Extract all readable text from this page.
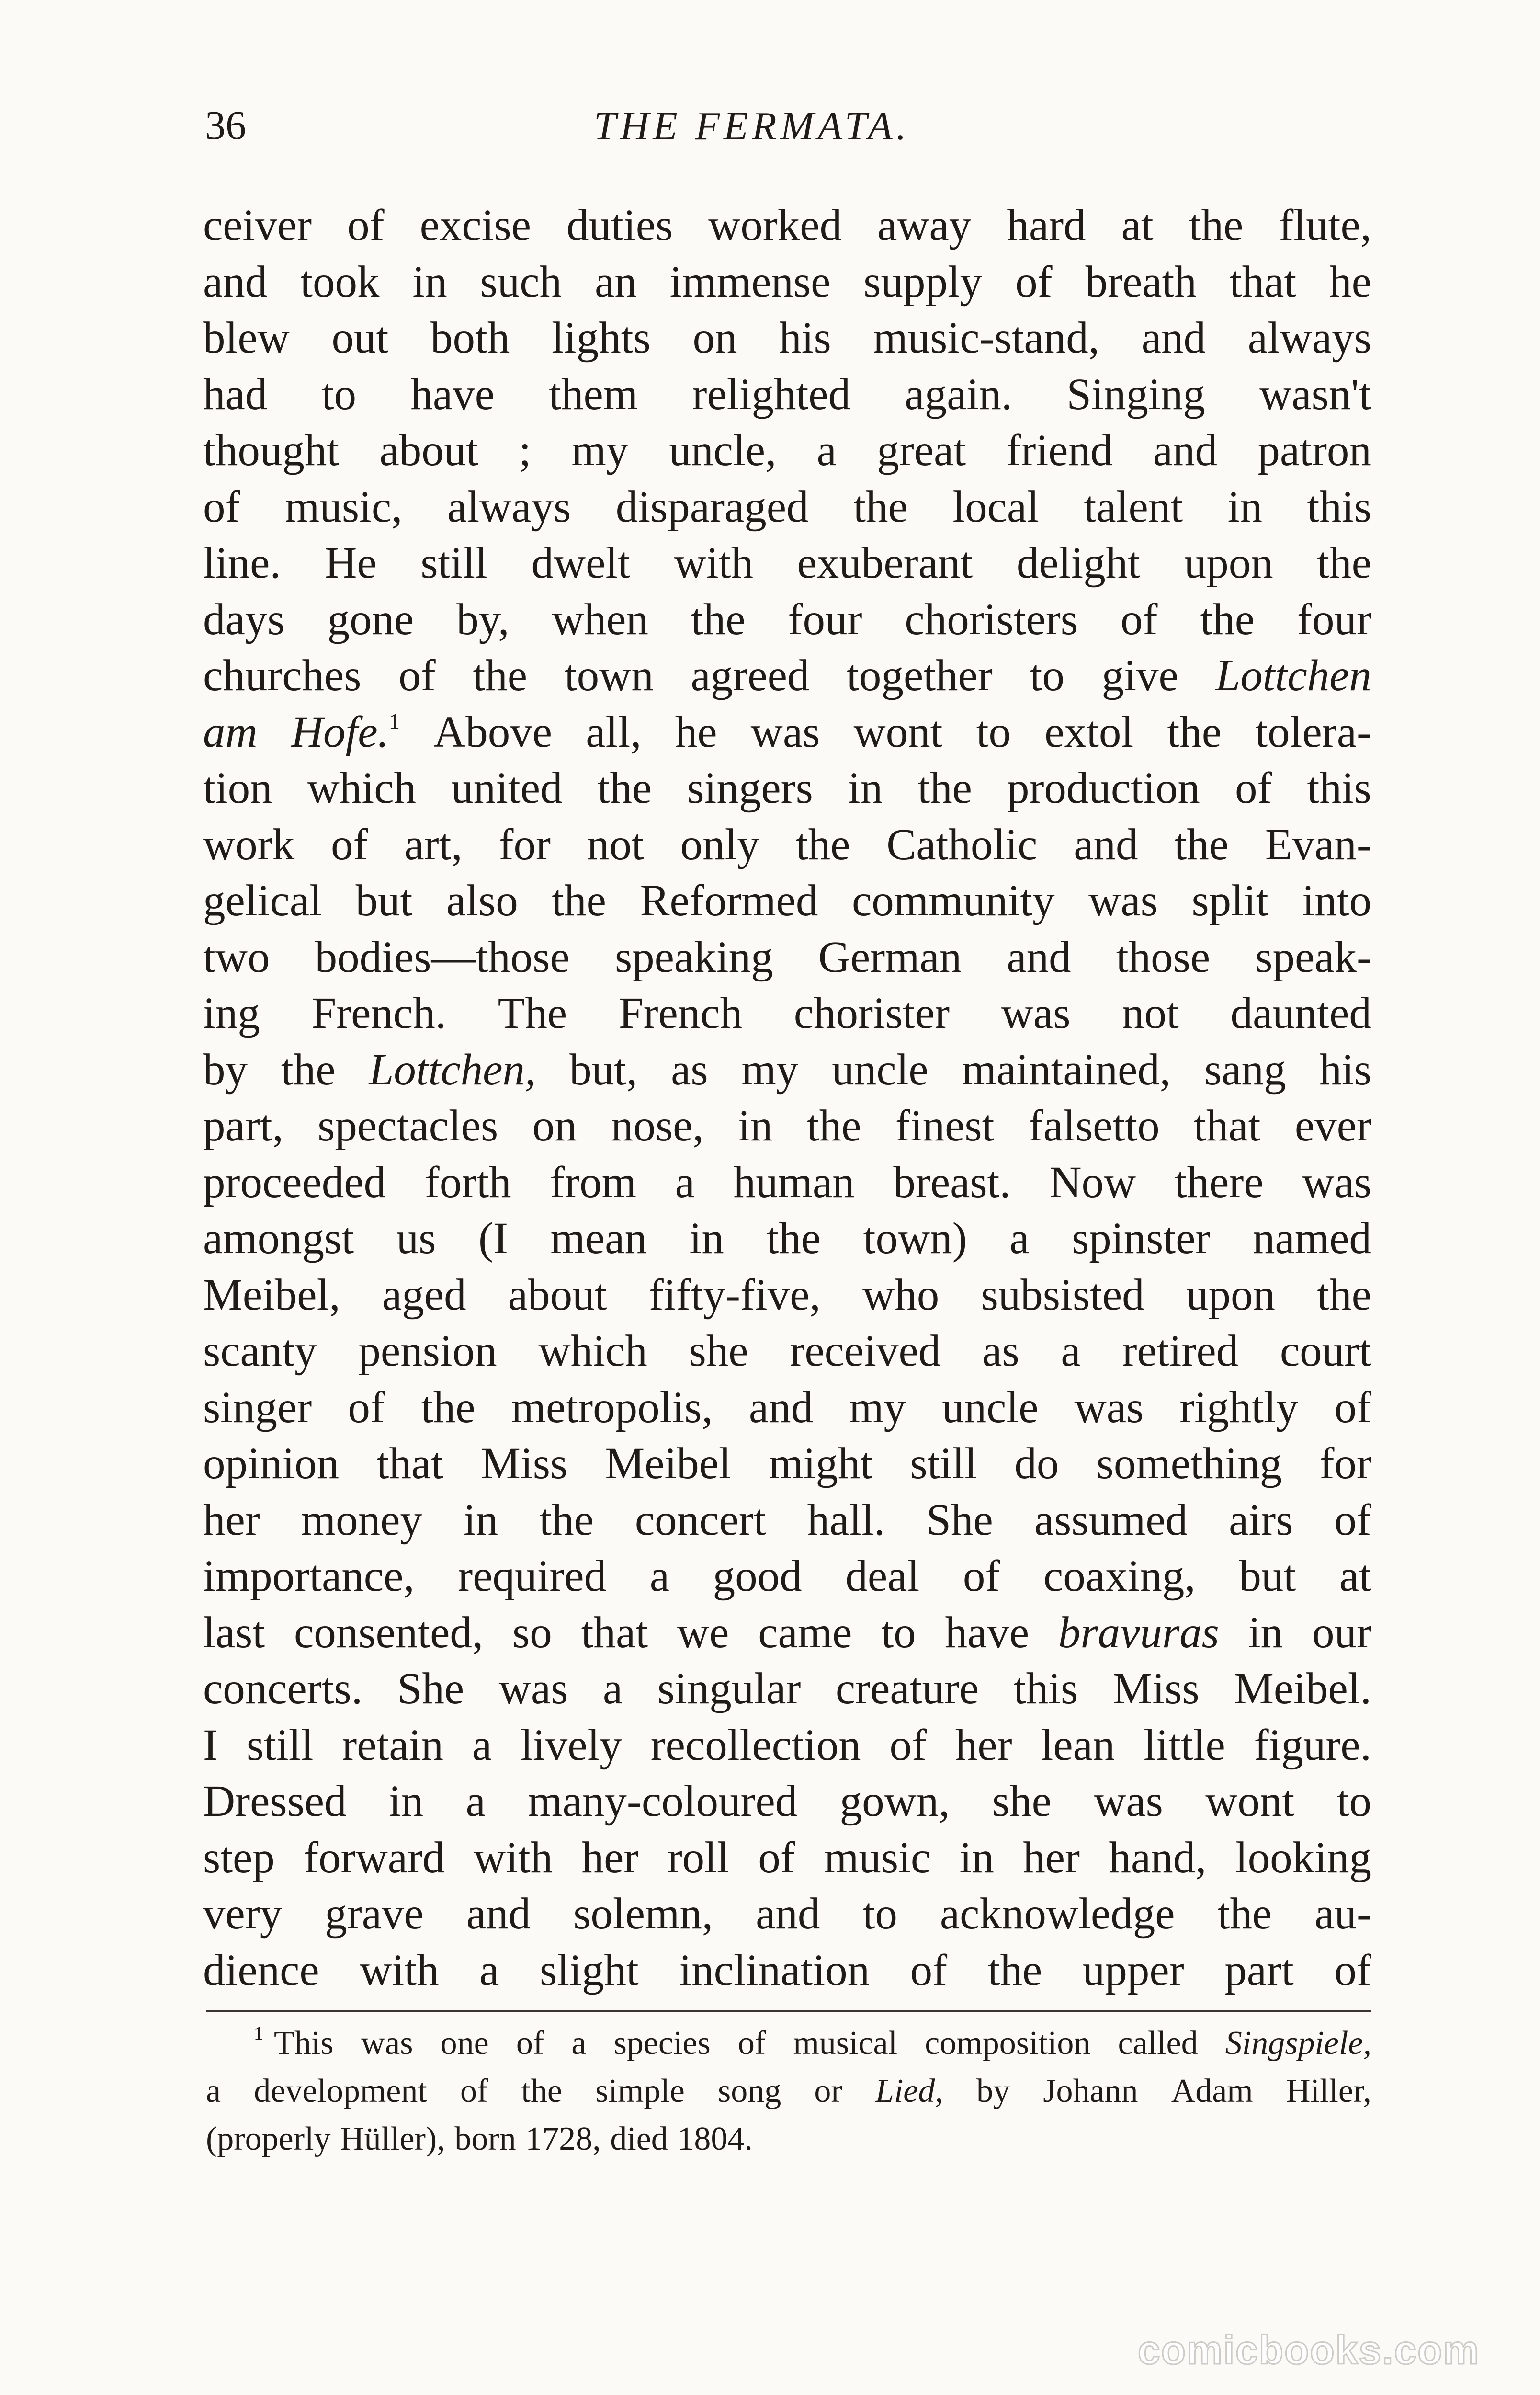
36	THE FERMATA.
ceiver of excise duties worked away hard at the flute,
and took in such an immense supply of breath that he
blew out both lights on his music-stand, and always
had to have them relighted again. Singing wasn't
thought about ; my uncle, a great friend and patron
of music, always disparaged the local talent in this
line. He still dwelt with exuberant delight upon the
days gone by, when the four choristers of the four
churches of the town agreed together to give Lottchen
am Hofe.$^1$ Above all, he was wont to extol the tolera-
tion which united the singers in the production of this
work of art, for not only the Catholic and the Evan-
gelical but also the Reformed community was split into
two bodies—those speaking German and those speak-
ing French. The French chorister was not daunted
by the Lottchen, but, as my uncle maintained, sang his
part, spectacles on nose, in the finest falsetto that ever
proceeded forth from a human breast. Now there was
amongst us (I mean in the town) a spinster named
Meibel, aged about fifty-five, who subsisted upon the
scanty pension which she received as a retired court
singer of the metropolis, and my uncle was rightly of
opinion that Miss Meibel might still do something for
her money in the concert hall. She assumed airs of
importance, required a good deal of coaxing, but at
last consented, so that we came to have bravuras in our
concerts. She was a singular creature this Miss Meibel.
I still retain a lively recollection of her lean little figure.
Dressed in a many-coloured gown, she was wont to
step forward with her roll of music in her hand, looking
very grave and solemn, and to acknowledge the au-
dience with a slight inclination of the upper part of
$^1$ This was one of a species of musical composition called Singspiele,
a development of the simple song or Lied, by Johann Adam Hiller,
(properly Hüller), born 1728, died 1804.
comicbooks.com
